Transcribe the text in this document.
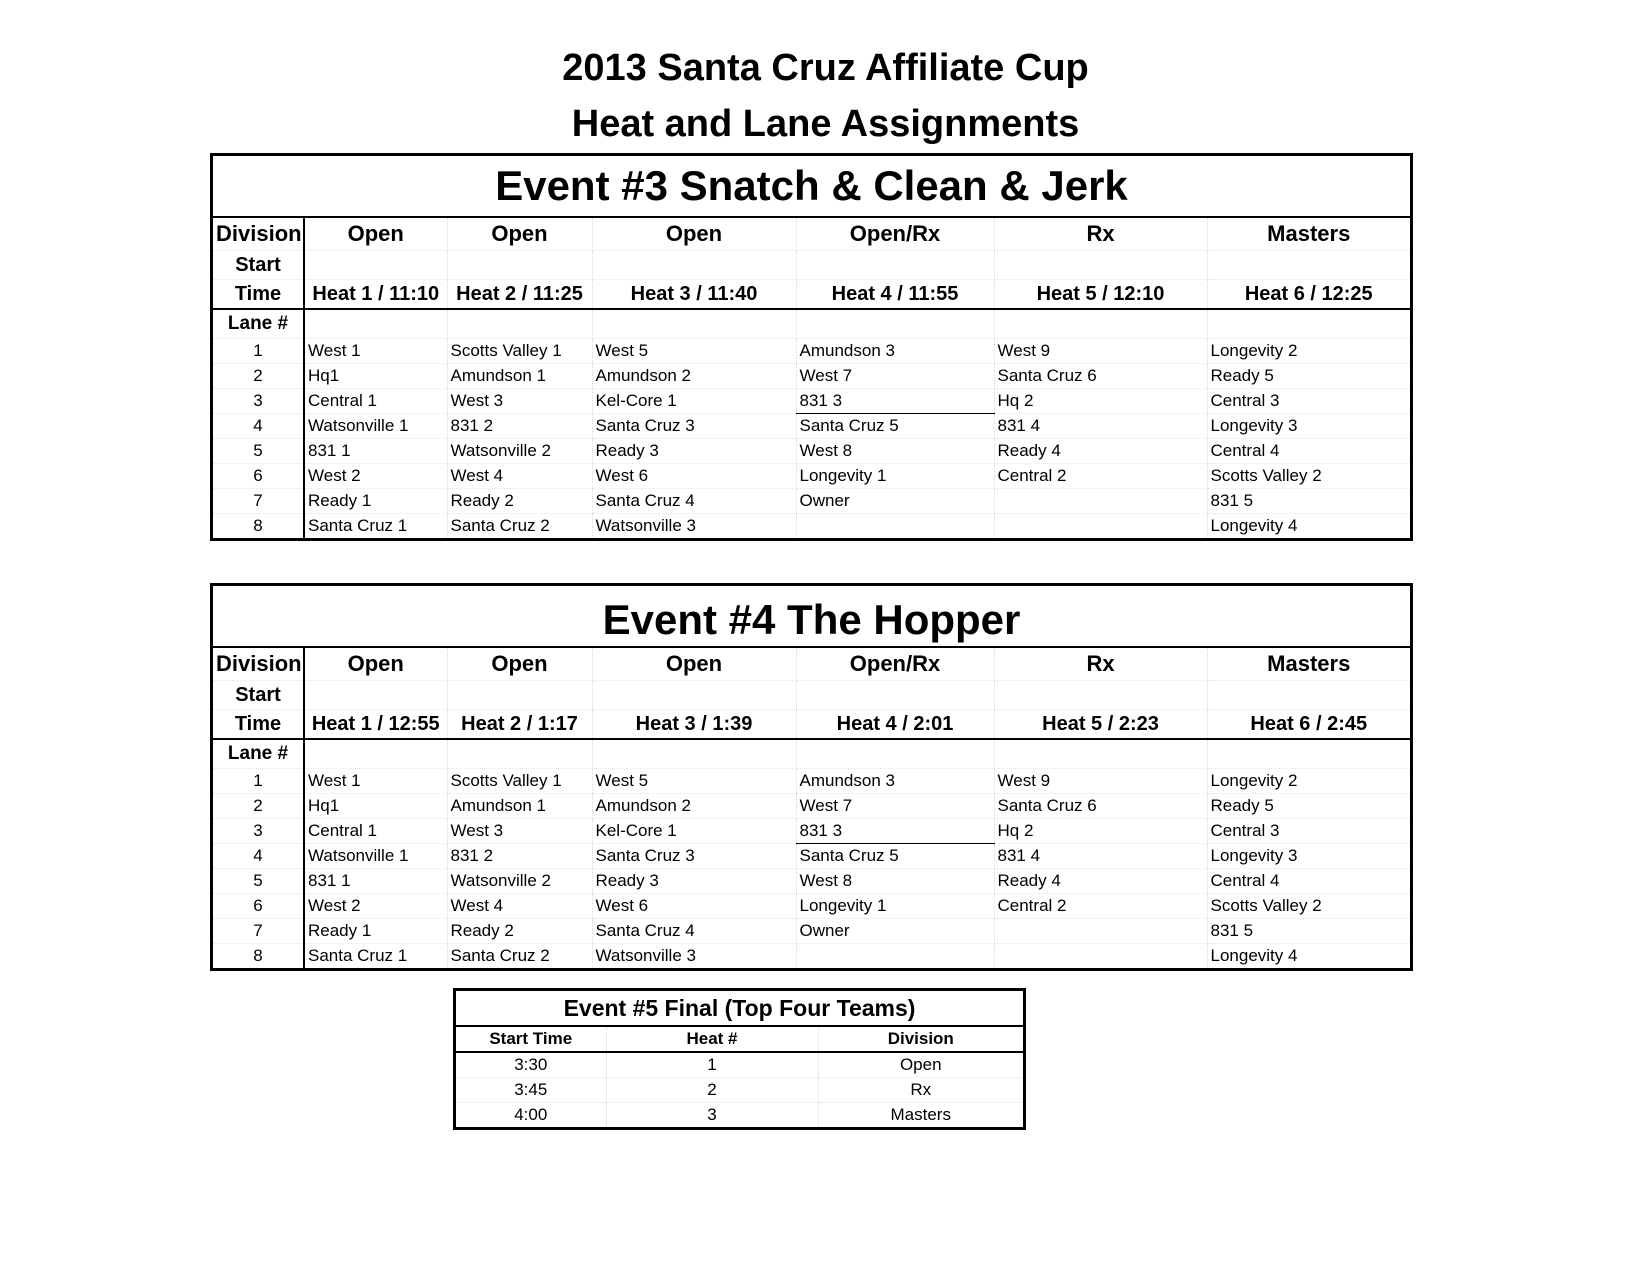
2013 Santa Cruz Affiliate Cup
Heat and Lane Assignments
Event #3 Snatch & Clean & Jerk
Division	Open	Open	Open	Open/Rx	Rx	Masters
Start						
Time	Heat 1 / 11:10	Heat 2 / 11:25	Heat 3 / 11:40	Heat 4 / 11:55	Heat 5 / 12:10	Heat 6 / 12:25
Lane #						
1	West 1	Scotts Valley 1	West 5	Amundson 3	West 9	Longevity 2
2	Hq1	Amundson 1	Amundson 2	West 7	Santa Cruz 6	Ready 5
3	Central 1	West 3	Kel-Core 1	831 3	Hq 2	Central 3
4	Watsonville 1	831 2	Santa Cruz 3	Santa Cruz 5	831 4	Longevity 3
5	831 1	Watsonville 2	Ready 3	West 8	Ready 4	Central 4
6	West 2	West 4	West 6	Longevity 1	Central 2	Scotts Valley 2
7	Ready 1	Ready 2	Santa Cruz 4	Owner		831 5
8	Santa Cruz 1	Santa Cruz 2	Watsonville 3			Longevity 4
Event #4 The Hopper
Division	Open	Open	Open	Open/Rx	Rx	Masters
Start						
Time	Heat 1 / 12:55	Heat 2 / 1:17	Heat 3 / 1:39	Heat 4 / 2:01	Heat 5 / 2:23	Heat 6 / 2:45
Lane #						
1	West 1	Scotts Valley 1	West 5	Amundson 3	West 9	Longevity 2
2	Hq1	Amundson 1	Amundson 2	West 7	Santa Cruz 6	Ready 5
3	Central 1	West 3	Kel-Core 1	831 3	Hq 2	Central 3
4	Watsonville 1	831 2	Santa Cruz 3	Santa Cruz 5	831 4	Longevity 3
5	831 1	Watsonville 2	Ready 3	West 8	Ready 4	Central 4
6	West 2	West 4	West 6	Longevity 1	Central 2	Scotts Valley 2
7	Ready 1	Ready 2	Santa Cruz 4	Owner		831 5
8	Santa Cruz 1	Santa Cruz 2	Watsonville 3			Longevity 4
Event #5 Final (Top Four Teams)
Start Time	Heat #	Division
3:30	1	Open
3:45	2	Rx
4:00	3	Masters
